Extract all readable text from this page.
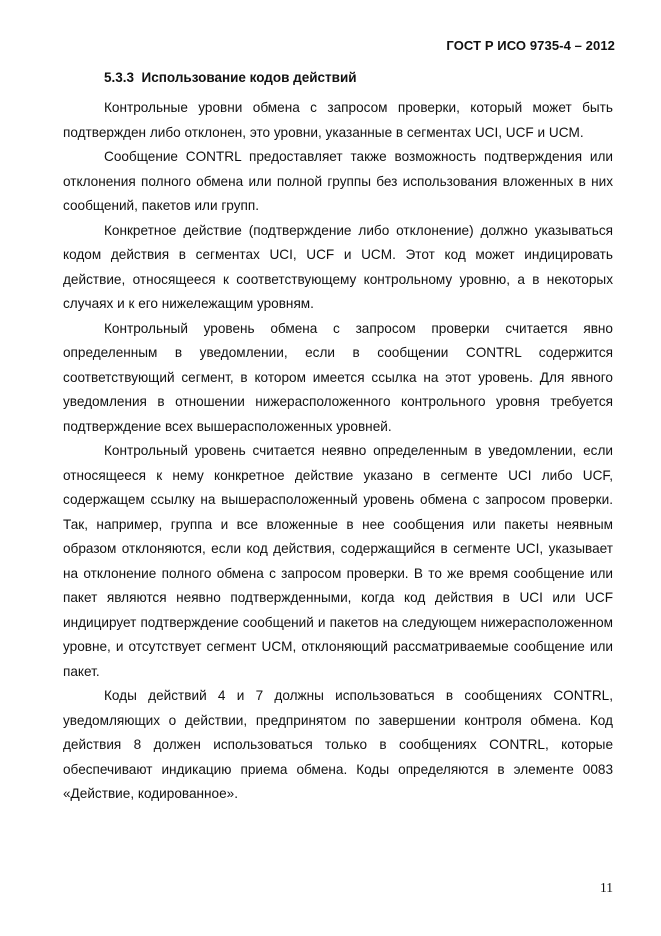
ГОСТ Р ИСО 9735-4 – 2012
5.3.3 Использование кодов действий

Контрольные уровни обмена с запросом проверки, который может быть подтвержден либо отклонен, это уровни, указанные в сегментах UCI, UCF и UCM.

Сообщение CONTRL предоставляет также возможность подтверждения или отклонения полного обмена или полной группы без использования вложенных в них сообщений, пакетов или групп.

Конкретное действие (подтверждение либо отклонение) должно указываться кодом действия в сегментах UCI, UCF и UCM. Этот код может индицировать действие, относящееся к соответствующему контрольному уровню, а в некоторых случаях и к его нижележащим уровням.

Контрольный уровень обмена с запросом проверки считается явно определенным в уведомлении, если в сообщении CONTRL содержится соответствующий сегмент, в котором имеется ссылка на этот уровень. Для явного уведомления в отношении нижерасположенного контрольного уровня требуется подтверждение всех вышерасположенных уровней.

Контрольный уровень считается неявно определенным в уведомлении, если относящееся к нему конкретное действие указано в сегменте UCI либо UCF, содержащем ссылку на вышерасположенный уровень обмена с запросом проверки. Так, например, группа и все вложенные в нее сообщения или пакеты неявным образом отклоняются, если код действия, содержащийся в сегменте UCI, указывает на отклонение полного обмена с запросом проверки. В то же время сообщение или пакет являются неявно подтвержденными, когда код действия в UCI или UCF индицирует подтверждение сообщений и пакетов на следующем нижерасположенном уровне, и отсутствует сегмент UCM, отклоняющий рассматриваемые сообщение или пакет.

Коды действий 4 и 7 должны использоваться в сообщениях CONTRL, уведомляющих о действии, предпринятом по завершении контроля обмена. Код действия 8 должен использоваться только в сообщениях CONTRL, которые обеспечивают индикацию приема обмена. Коды определяются в элементе 0083 «Действие, кодированное».

11
